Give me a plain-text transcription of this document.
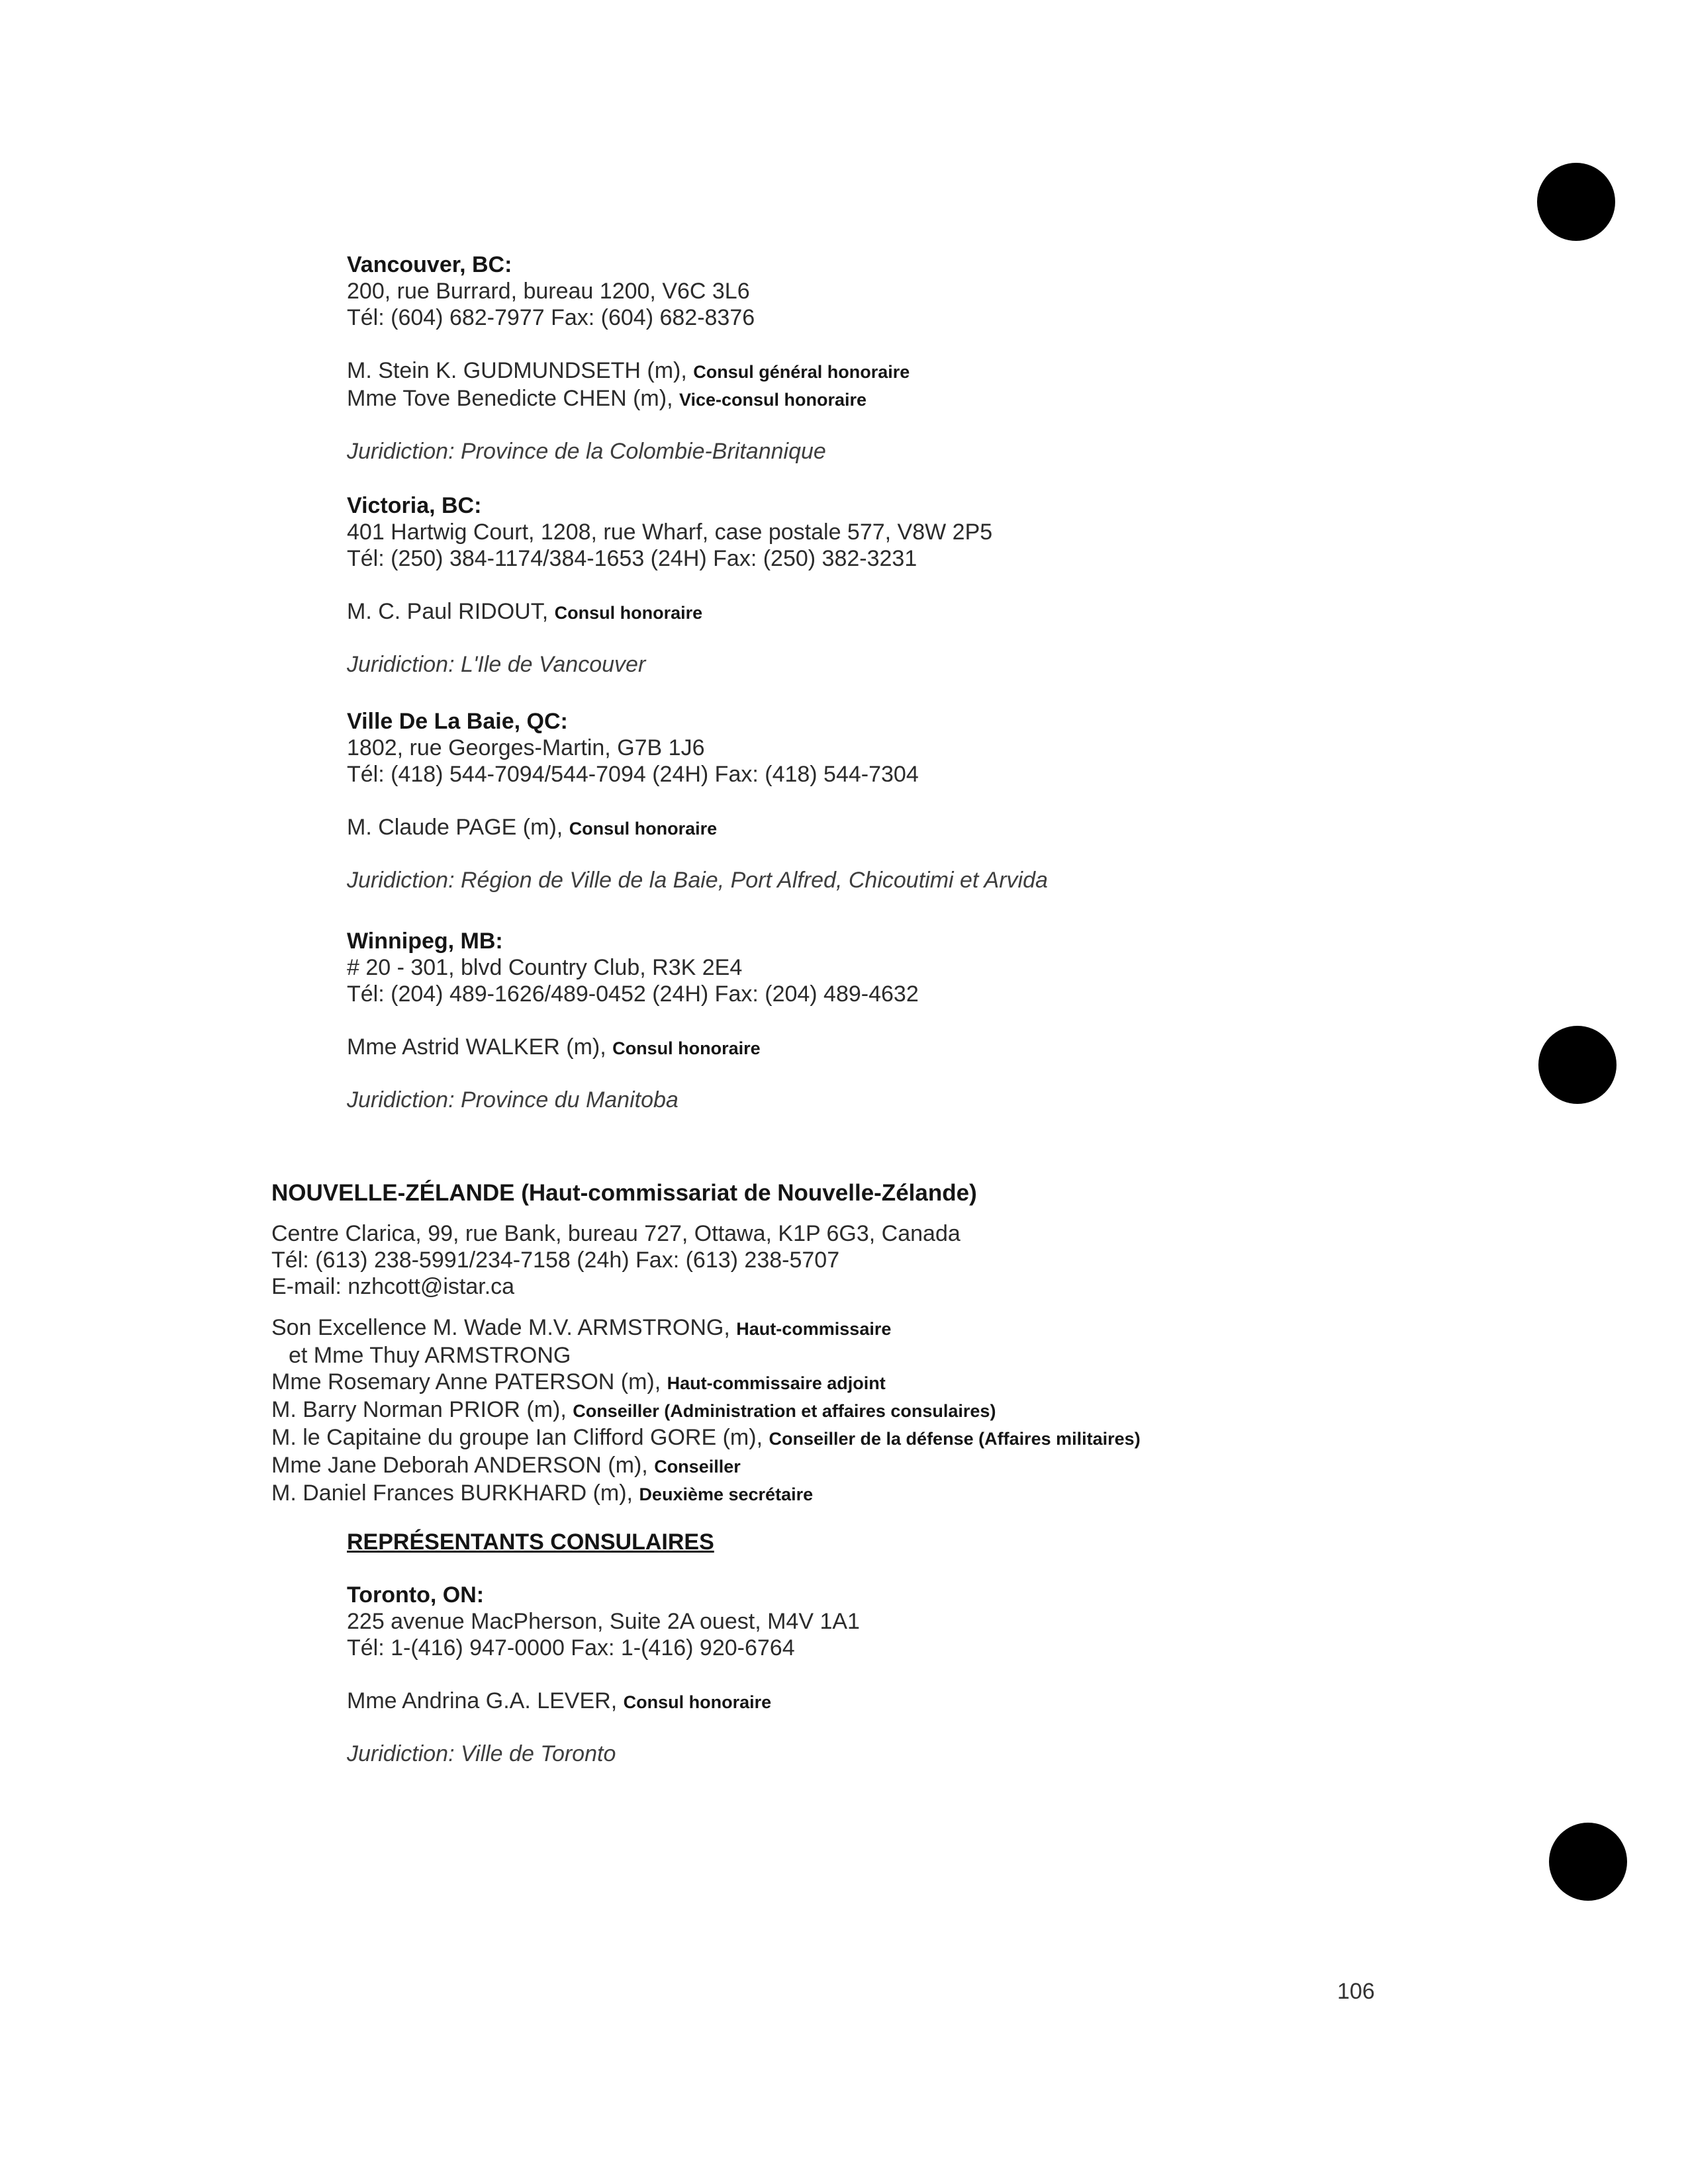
Vancouver, BC:
200, rue Burrard, bureau 1200, V6C 3L6
Tél: (604) 682-7977 Fax: (604) 682-8376
M. Stein K. GUDMUNDSETH (m), Consul général honoraire
Mme Tove Benedicte CHEN (m), Vice-consul honoraire
Juridiction: Province de la Colombie-Britannique
Victoria, BC:
401 Hartwig Court, 1208, rue Wharf, case postale 577, V8W 2P5
Tél: (250) 384-1174/384-1653 (24H) Fax: (250) 382-3231
M. C. Paul RIDOUT, Consul honoraire
Juridiction: L'Ile de Vancouver
Ville De La Baie, QC:
1802, rue Georges-Martin, G7B 1J6
Tél: (418) 544-7094/544-7094 (24H) Fax: (418) 544-7304
M. Claude PAGE (m), Consul honoraire
Juridiction: Région de Ville de la Baie, Port Alfred, Chicoutimi et Arvida
Winnipeg, MB:
# 20 - 301, blvd Country Club, R3K 2E4
Tél: (204) 489-1626/489-0452 (24H) Fax: (204) 489-4632
Mme Astrid WALKER (m), Consul honoraire
Juridiction: Province du Manitoba
NOUVELLE-ZÉLANDE (Haut-commissariat de Nouvelle-Zélande)
Centre Clarica, 99, rue Bank, bureau 727, Ottawa, K1P 6G3, Canada
Tél: (613) 238-5991/234-7158 (24h) Fax: (613) 238-5707
E-mail: nzhcott@istar.ca
Son Excellence M. Wade M.V. ARMSTRONG, Haut-commissaire
et Mme Thuy ARMSTRONG
Mme Rosemary Anne PATERSON (m), Haut-commissaire adjoint
M. Barry Norman PRIOR (m), Conseiller (Administration et affaires consulaires)
M. le Capitaine du groupe Ian Clifford GORE (m), Conseiller de la défense (Affaires militaires)
Mme Jane Deborah ANDERSON (m), Conseiller
M. Daniel Frances BURKHARD (m), Deuxième secrétaire
REPRÉSENTANTS CONSULAIRES
Toronto, ON:
225 avenue MacPherson, Suite 2A ouest, M4V 1A1
Tél: 1-(416) 947-0000 Fax: 1-(416) 920-6764
Mme Andrina G.A. LEVER, Consul honoraire
Juridiction: Ville de Toronto
106
